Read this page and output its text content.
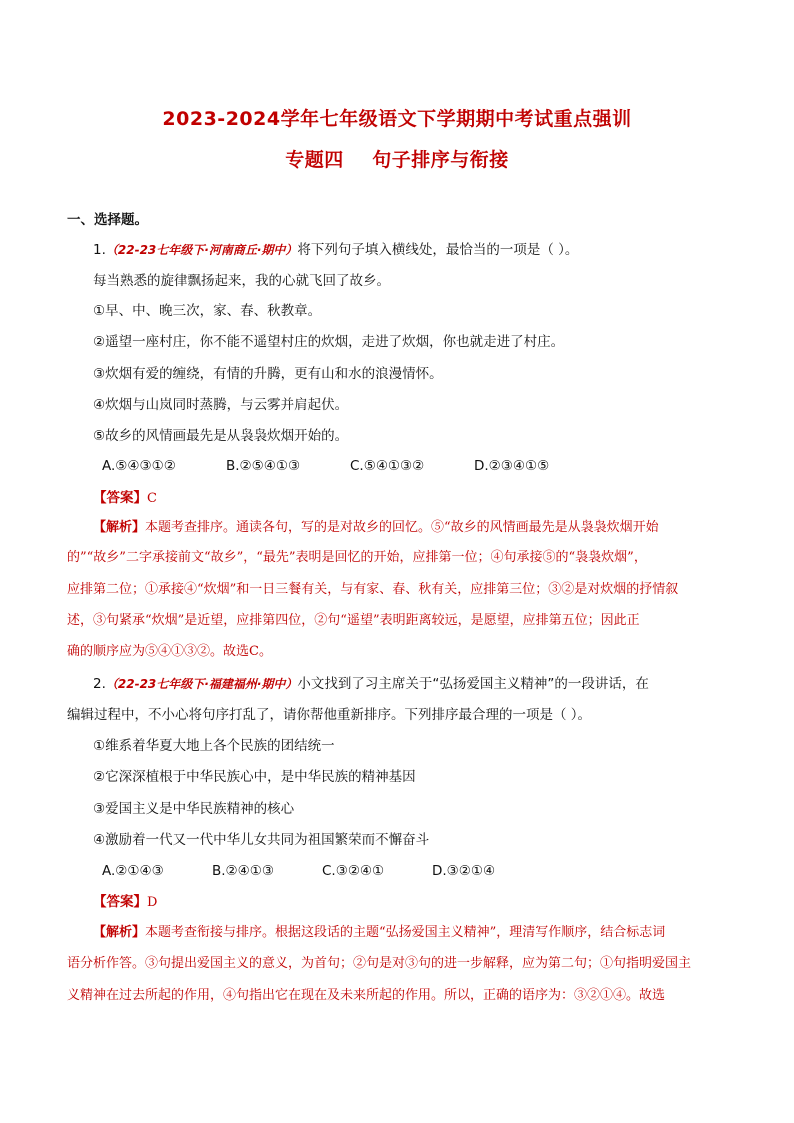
2023-2024学年七年级语文下学期期中考试重点强训
专题四    句子排序与衔接
一、选择题。
1.（22-23七年级下·河南商丘·期中）将下列句子填入横线处，最恰当的一项是（ ）。
每当熟悉的旋律飘扬起来，我的心就飞回了故乡。
①早、中、晚三次，家、春、秋教章。
②遥望一座村庄，你不能不遥望村庄的炊烟，走进了炊烟，你也就走进了村庄。
③炊烟有爱的缠绕，有情的升腾，更有山和水的浪漫情怀。
④炊烟与山岚同时蒸腾，与云雾并肩起伏。
⑤故乡的风情画最先是从袅袅炊烟开始的。
A.⑤④③①②	B.②⑤④①③	C.⑤④①③②	D.②③④①⑤
【答案】C
【解析】本题考查排序。通读各句，写的是对故乡的回忆。⑤“故乡的风情画最先是从袅袅炊烟开始
的”“故乡”二字承接前文“故乡”，“最先”表明是回忆的开始，应排第一位；④句承接⑤的“袅袅炊烟”，
应排第二位；①承接④“炊烟”和一日三餐有关，与有家、春、秋有关，应排第三位；③②是对炊烟的抒情叙
述，③句紧承“炊烟”是近望，应排第四位，②句“遥望”表明距离较远，是愿望，应排第五位；因此正
确的顺序应为⑤④①③②。故选C。
2.（22-23七年级下·福建福州·期中）小文找到了习主席关于“弘扬爱国主义精神”的一段讲话，在
编辑过程中，不小心将句序打乱了，请你帮他重新排序。下列排序最合理的一项是（ ）。
①维系着华夏大地上各个民族的团结统一
②它深深植根于中华民族心中，是中华民族的精神基因
③爱国主义是中华民族精神的核心
④激励着一代又一代中华儿女共同为祖国繁荣而不懈奋斗
A.②①④③	B.②④①③	C.③②④①	D.③②①④
【答案】D
【解析】本题考查衔接与排序。根据这段话的主题“弘扬爱国主义精神”，理清写作顺序，结合标志词
语分析作答。③句提出爱国主义的意义，为首句；②句是对③句的进一步解释，应为第二句；①句指明爱国主
义精神在过去所起的作用，④句指出它在现在及未来所起的作用。所以，正确的语序为：③②①④。故选
